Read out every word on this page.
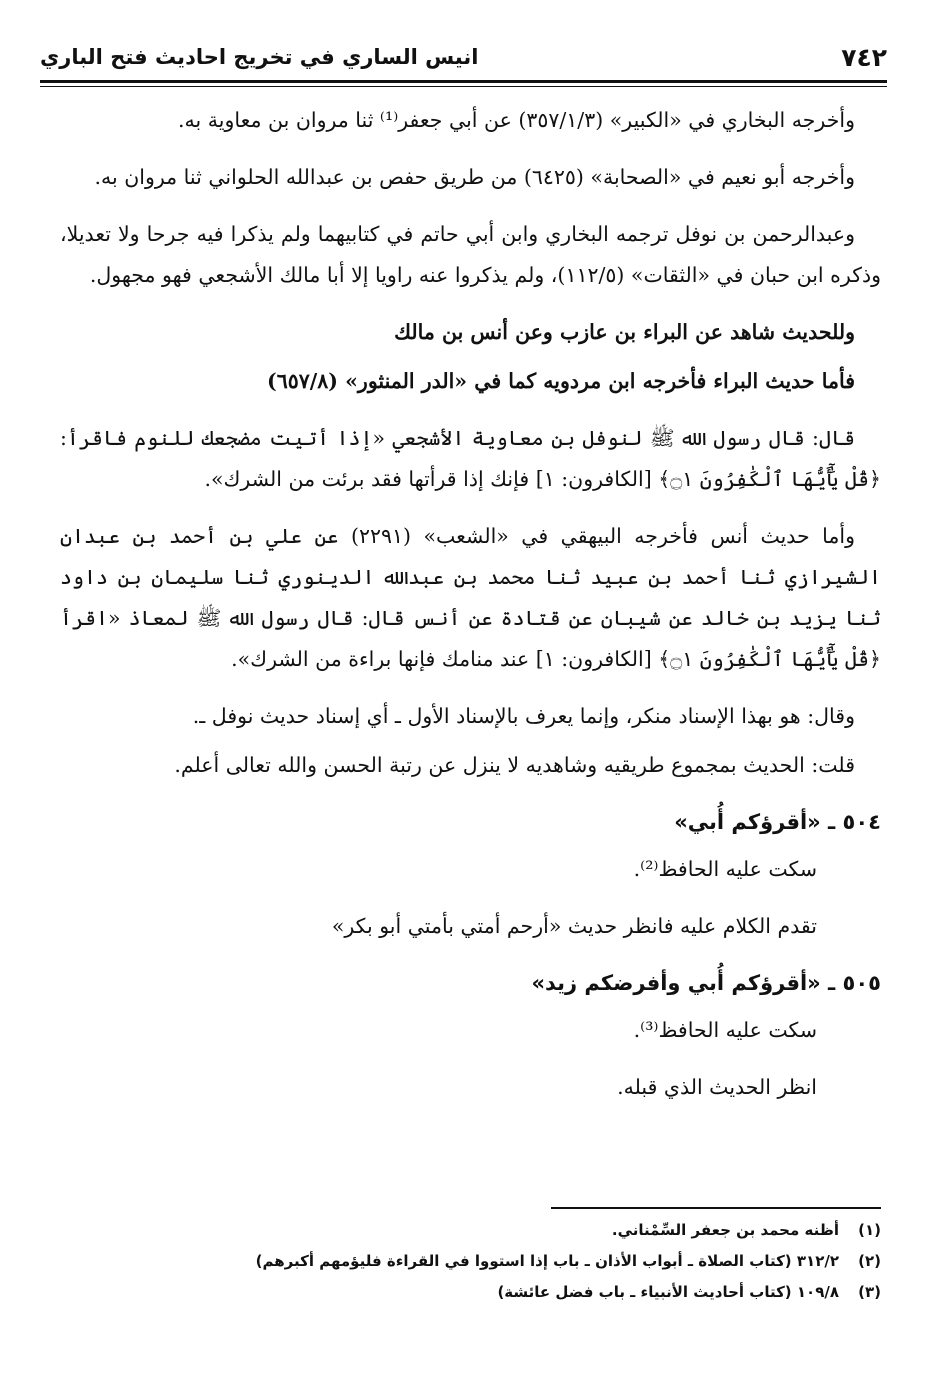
٧٤٢
انيس الساري في تخريج احاديث فتح الباري

وأخرجه البخاري في «الكبير» (٣٥٧/١/٣) عن أبي جعفر⁽¹⁾ ثنا مروان بن معاوية به.

وأخرجه أبو نعيم في «الصحابة» (٦٤٢٥) من طريق حفص بن عبدالله الحلواني ثنا مروان به.

وعبدالرحمن بن نوفل ترجمه البخاري وابن أبي حاتم في كتابيهما ولم يذكرا فيه جرحا ولا تعديلا، وذكره ابن حبان في «الثقات» (١١٢/٥)، ولم يذكروا عنه راويا إلا أبا مالك الأشجعي فهو مجهول.

وللحديث شاهد عن البراء بن عازب وعن أنس بن مالك

فأما حديث البراء فأخرجه ابن مردويه كما في «الدر المنثور» (٦٥٧/٨)

قال: قال رسول الله ﷺ لنوفل بن معاوية الأشجعي «إذا أتيت مضجعك للنوم فاقرأ: ﴿قُلْ يَٰٓأَيُّهَا ٱلْكَٰفِرُونَ ۝١﴾ [الكافرون: ١] فإنك إذا قرأتها فقد برئت من الشرك».

وأما حديث أنس فأخرجه البيهقي في «الشعب» (٢٢٩١) عن علي بن أحمد بن عبدان الشيرازي ثنا أحمد بن عبيد ثنا محمد بن عبدالله الدينوري ثنا سليمان بن داود ثنا يزيد بن خالد عن شيبان عن قتادة عن أنس قال: قال رسول الله ﷺ لمعاذ «اقرأ ﴿قُلْ يَٰٓأَيُّهَا ٱلْكَٰفِرُونَ ۝١﴾ [الكافرون: ١] عند منامك فإنها براءة من الشرك».

وقال: هو بهذا الإسناد منكر، وإنما يعرف بالإسناد الأول ـ أي إسناد حديث نوفل ـ.

قلت: الحديث بمجموع طريقيه وشاهديه لا ينزل عن رتبة الحسن والله تعالى أعلم.

٥٠٤ ـ «أقرؤكم أُبي»

سكت عليه الحافظ⁽²⁾.

تقدم الكلام عليه فانظر حديث «أرحم أمتي بأمتي أبو بكر»

٥٠٥ ـ «أقرؤكم أُبي وأفرضكم زيد»

سكت عليه الحافظ⁽³⁾.

انظر الحديث الذي قبله.

(١)أظنه محمد بن جعفر السِّمْناني.

(٢)٣١٢/٢ (كتاب الصلاة ـ أبواب الأذان ـ باب إذا استووا في القراءة فليؤمهم أكبرهم)

(٣)١٠٩/٨ (كتاب أحاديث الأنبياء ـ باب فضل عائشة)
